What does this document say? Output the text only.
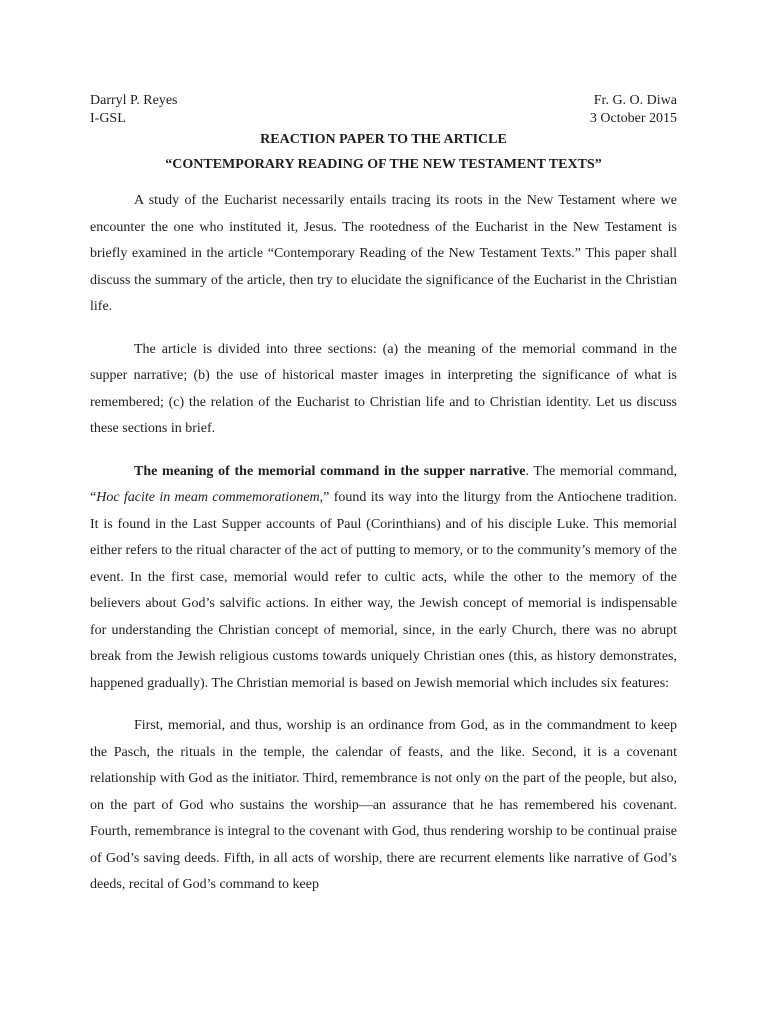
Darryl P. Reyes	Fr. G. O. Diwa
I-GSL	3 October 2015

REACTION PAPER TO THE ARTICLE

“CONTEMPORARY READING OF THE NEW TESTAMENT TEXTS”

A study of the Eucharist necessarily entails tracing its roots in the New Testament where we encounter the one who instituted it, Jesus. The rootedness of the Eucharist in the New Testament is briefly examined in the article “Contemporary Reading of the New Testament Texts.” This paper shall discuss the summary of the article, then try to elucidate the significance of the Eucharist in the Christian life.

The article is divided into three sections: (a) the meaning of the memorial command in the supper narrative; (b) the use of historical master images in interpreting the significance of what is remembered; (c) the relation of the Eucharist to Christian life and to Christian identity. Let us discuss these sections in brief.

The meaning of the memorial command in the supper narrative. The memorial command, “Hoc facite in meam commemorationem,” found its way into the liturgy from the Antiochene tradition. It is found in the Last Supper accounts of Paul (Corinthians) and of his disciple Luke. This memorial either refers to the ritual character of the act of putting to memory, or to the community’s memory of the event. In the first case, memorial would refer to cultic acts, while the other to the memory of the believers about God’s salvific actions. In either way, the Jewish concept of memorial is indispensable for understanding the Christian concept of memorial, since, in the early Church, there was no abrupt break from the Jewish religious customs towards uniquely Christian ones (this, as history demonstrates, happened gradually). The Christian memorial is based on Jewish memorial which includes six features:

First, memorial, and thus, worship is an ordinance from God, as in the commandment to keep the Pasch, the rituals in the temple, the calendar of feasts, and the like. Second, it is a covenant relationship with God as the initiator. Third, remembrance is not only on the part of the people, but also, on the part of God who sustains the worship—an assurance that he has remembered his covenant. Fourth, remembrance is integral to the covenant with God, thus rendering worship to be continual praise of God’s saving deeds. Fifth, in all acts of worship, there are recurrent elements like narrative of God’s deeds, recital of God’s command to keep
